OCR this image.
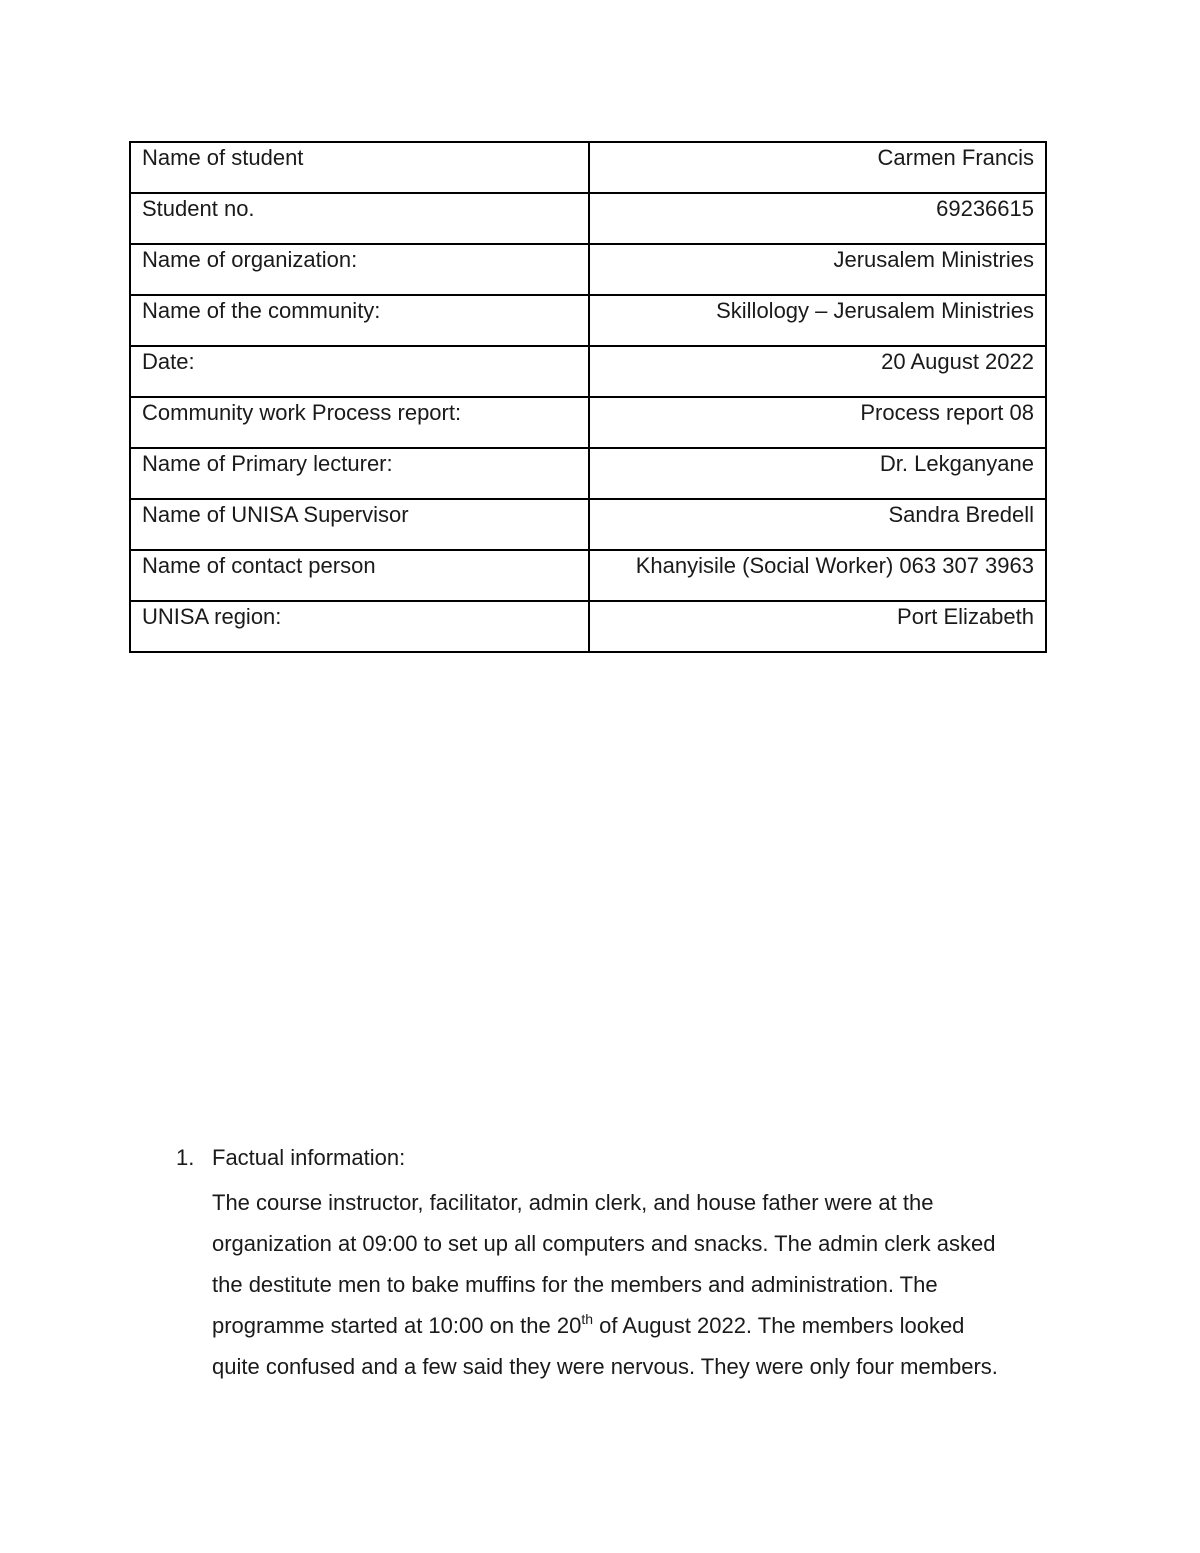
Name of student	Carmen Francis
Student no.	69236615
Name of organization:	Jerusalem Ministries
Name of the community:	Skillology – Jerusalem Ministries
Date:	20 August 2022
Community work Process report:	Process report 08
Name of Primary lecturer:	Dr. Lekganyane
Name of UNISA Supervisor	Sandra Bredell
Name of contact person	Khanyisile (Social Worker) 063 307 3963
UNISA region:	Port Elizabeth
1. Factual information:

The course instructor, facilitator, admin clerk, and house father were at the

organization at 09:00 to set up all computers and snacks. The admin clerk asked

the destitute men to bake muffins for the members and administration. The

programme started at 10:00 on the 20th of August 2022. The members looked

quite confused and a few said they were nervous. They were only four members.
